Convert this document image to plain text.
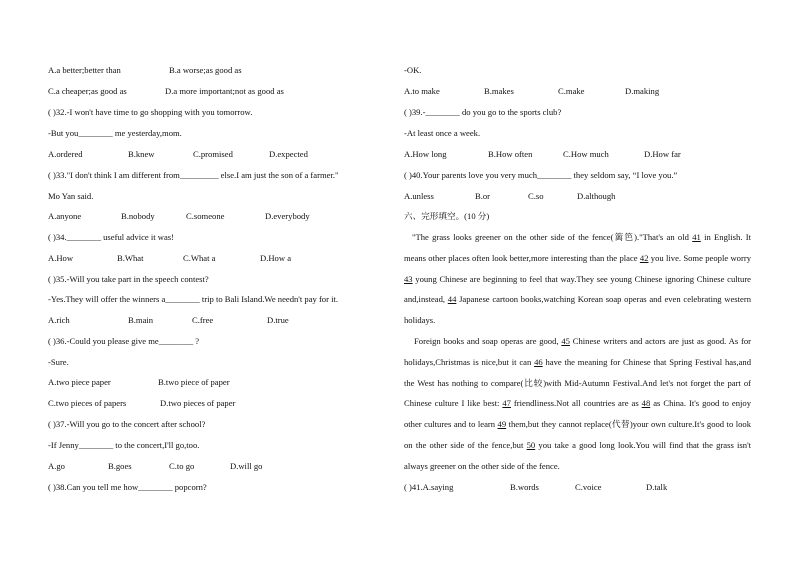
A.a better;better than	B.a worse;as good as
C.a cheaper;as good as	D.a more important;not as good as
( )32.-I won't have time to go shopping with you tomorrow.
-But you________ me yesterday,mom.
A.ordered	B.knew	C.promised	D.expected
( )33."I don't think I am different from_________ else.I am just the son of a farmer."
Mo Yan said.
A.anyone	B.nobody	C.someone	D.everybody
( )34.________ useful advice it was!
A.How	B.What	C.What a	D.How a
( )35.-Will you take part in the speech contest?
-Yes.They will offer the winners a________ trip to Bali Island.We needn't pay for it.
A.rich	B.main	C.free	D.true
( )36.-Could you please give me________ ?
-Sure.
A.two piece paper	B.two piece of paper
C.two pieces of papers	D.two pieces of paper
( )37.-Will you go to the concert after school?
-If Jenny________ to the concert,I'll go,too.
A.go	B.goes	C.to go	D.will go
( )38.Can you tell me how________ popcorn?
-OK.
A.to make	B.makes	C.make	D.making
( )39.-________ do you go to the sports club?
-At least once a week.
A.How long	B.How often	C.How much	D.How far
( )40.Your parents love you very much________ they seldom say, “I love you.”
A.unless	B.or	C.so	D.although
六、完形填空。(10 分)
"The grass looks greener on the other side of the fence(篱笆)."That's an old 41 in English. It means other places often look better,more interesting than the place 42 you live. Some people worry 43 young Chinese are beginning to feel that way.They see young Chinese ignoring Chinese culture and,instead, 44 Japanese cartoon books,watching Korean soap operas and even celebrating western holidays.
Foreign books and soap operas are good, 45 Chinese writers and actors are just as good. As for holidays,Christmas is nice,but it can 46 have the meaning for Chinese that Spring Festival has,and the West has nothing to compare(比较)with Mid-Autumn Festival.And let's not forget the part of Chinese culture I like best: 47 friendliness.Not all countries are as 48 as China. It's good to enjoy other cultures and to learn 49 them,but they cannot replace(代替)your own culture.It's good to look on the other side of the fence,but 50 you take a good long look.You will find that the grass isn't always greener on the other side of the fence.
( )41.A.saying	B.words	C.voice	D.talk
